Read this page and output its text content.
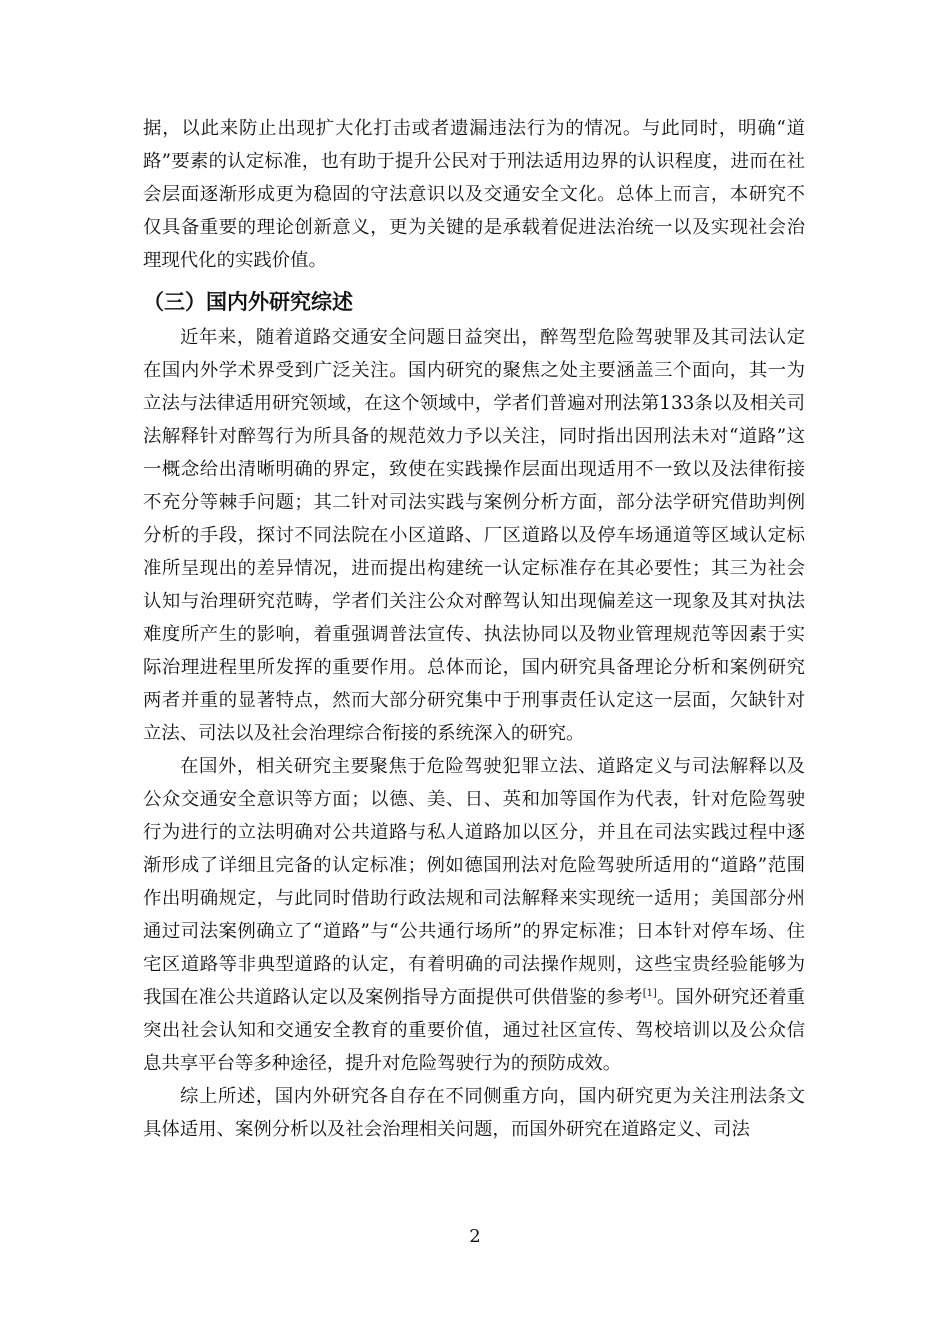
据，以此来防止出现扩大化打击或者遗漏违法行为的情况。与此同时，明确“道路”要素的认定标准，也有助于提升公民对于刑法适用边界的认识程度，进而在社会层面逐渐形成更为稳固的守法意识以及交通安全文化。总体上而言，本研究不仅具备重要的理论创新意义，更为关键的是承载着促进法治统一以及实现社会治理现代化的实践价值。

（三）国内外研究综述

近年来，随着道路交通安全问题日益突出，醉驾型危险驾驶罪及其司法认定在国内外学术界受到广泛关注。国内研究的聚焦之处主要涵盖三个面向，其一为立法与法律适用研究领域，在这个领域中，学者们普遍对刑法第133条以及相关司法解释针对醉驾行为所具备的规范效力予以关注，同时指出因刑法未对“道路”这一概念给出清晰明确的界定，致使在实践操作层面出现适用不一致以及法律衔接不充分等棘手问题；其二针对司法实践与案例分析方面，部分法学研究借助判例分析的手段，探讨不同法院在小区道路、厂区道路以及停车场通道等区域认定标准所呈现出的差异情况，进而提出构建统一认定标准存在其必要性；其三为社会认知与治理研究范畴，学者们关注公众对醉驾认知出现偏差这一现象及其对执法难度所产生的影响，着重强调普法宣传、执法协同以及物业管理规范等因素于实际治理进程里所发挥的重要作用。总体而论，国内研究具备理论分析和案例研究两者并重的显著特点，然而大部分研究集中于刑事责任认定这一层面，欠缺针对立法、司法以及社会治理综合衔接的系统深入的研究。

在国外，相关研究主要聚焦于危险驾驶犯罪立法、道路定义与司法解释以及公众交通安全意识等方面；以德、美、日、英和加等国作为代表，针对危险驾驶行为进行的立法明确对公共道路与私人道路加以区分，并且在司法实践过程中逐渐形成了详细且完备的认定标准；例如德国刑法对危险驾驶所适用的“道路”范围作出明确规定，与此同时借助行政法规和司法解释来实现统一适用；美国部分州通过司法案例确立了“道路”与“公共通行场所”的界定标准；日本针对停车场、住宅区道路等非典型道路的认定，有着明确的司法操作规则，这些宝贵经验能够为我国在准公共道路认定以及案例指导方面提供可供借鉴的参考[1]。国外研究还着重突出社会认知和交通安全教育的重要价值，通过社区宣传、驾校培训以及公众信息共享平台等多种途径，提升对危险驾驶行为的预防成效。

综上所述，国内外研究各自存在不同侧重方向，国内研究更为关注刑法条文具体适用、案例分析以及社会治理相关问题，而国外研究在道路定义、司法

2
